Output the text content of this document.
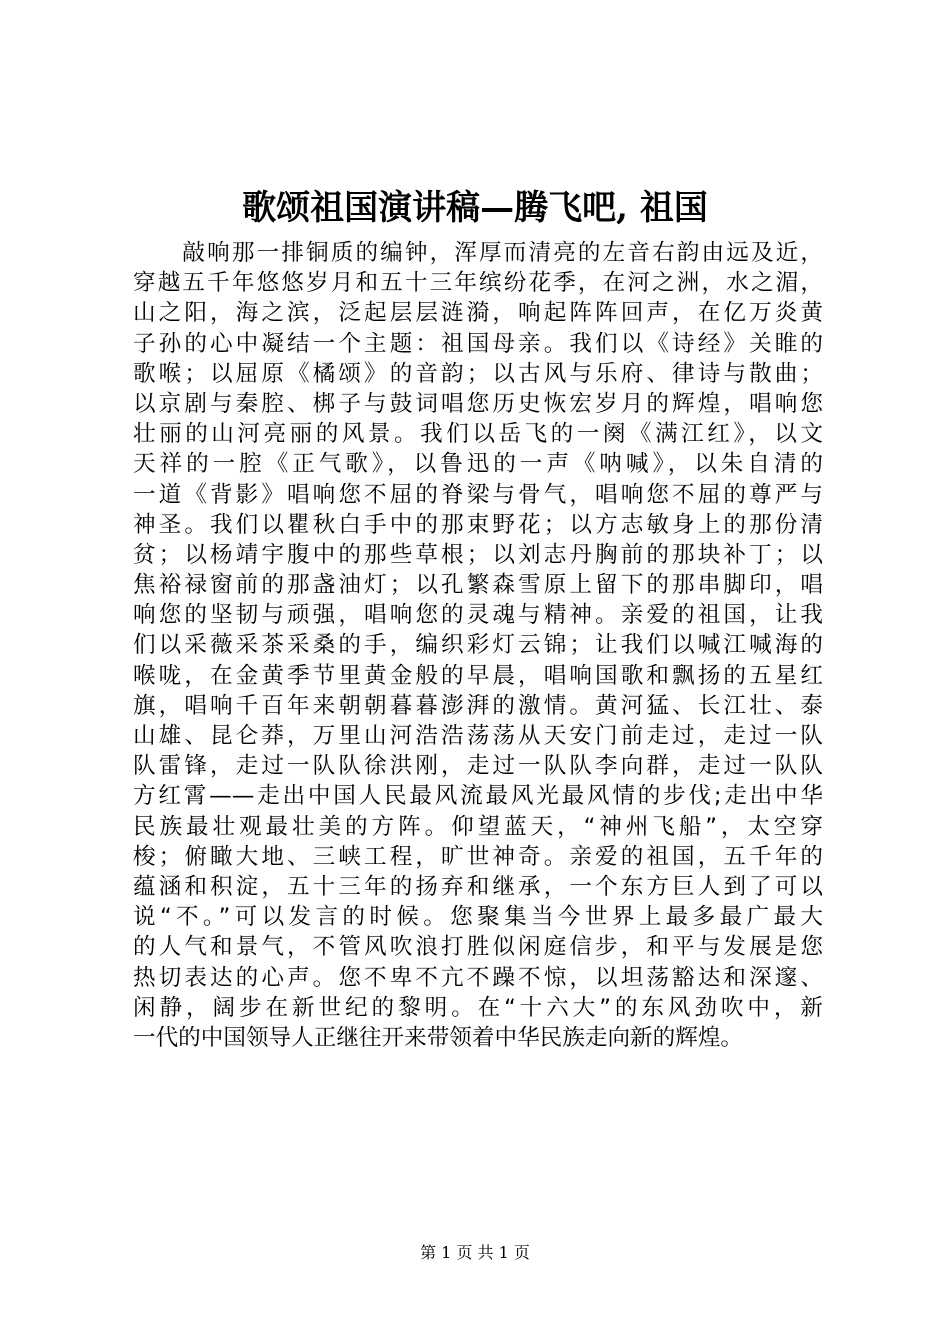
歌颂祖国演讲稿—腾飞吧, 祖国
　　敲响那一排铜质的编钟，浑厚而清亮的左音右韵由远及近，
穿越五千年悠悠岁月和五十三年缤纷花季，在河之洲，水之湄，
山之阳，海之滨，泛起层层涟漪，响起阵阵回声，在亿万炎黄
子孙的心中凝结一个主题：祖国母亲。我们以《诗经》关睢的
歌喉；以屈原《橘颂》的音韵；以古风与乐府、律诗与散曲；
以京剧与秦腔、梆子与鼓词唱您历史恢宏岁月的辉煌，唱响您
壮丽的山河亮丽的风景。我们以岳飞的一阕《满江红》，以文
天祥的一腔《正气歌》，以鲁迅的一声《呐喊》，以朱自清的
一道《背影》唱响您不屈的脊梁与骨气，唱响您不屈的尊严与
神圣。我们以瞿秋白手中的那束野花；以方志敏身上的那份清
贫；以杨靖宇腹中的那些草根；以刘志丹胸前的那块补丁；以
焦裕禄窗前的那盏油灯；以孔繁森雪原上留下的那串脚印，唱
响您的坚韧与顽强，唱响您的灵魂与精神。亲爱的祖国，让我
们以采薇采茶采桑的手，编织彩灯云锦；让我们以喊江喊海的
喉咙，在金黄季节里黄金般的早晨，唱响国歌和飘扬的五星红
旗，唱响千百年来朝朝暮暮澎湃的激情。黄河猛、长江壮、泰
山雄、昆仑莽，万里山河浩浩荡荡从天安门前走过，走过一队
队雷锋，走过一队队徐洪刚，走过一队队李向群，走过一队队
方红霄——走出中国人民最风流最风光最风情的步伐;走出中华
民族最壮观最壮美的方阵。仰望蓝天，“神州飞船”，太空穿
梭；俯瞰大地、三峡工程，旷世神奇。亲爱的祖国，五千年的
蕴涵和积淀，五十三年的扬弃和继承，一个东方巨人到了可以
说“不。”可以发言的时候。您聚集当今世界上最多最广最大
的人气和景气，不管风吹浪打胜似闲庭信步，和平与发展是您
热切表达的心声。您不卑不亢不躁不惊，以坦荡豁达和深邃、
闲静，阔步在新世纪的黎明。在“十六大”的东风劲吹中，新
一代的中国领导人正继往开来带领着中华民族走向新的辉煌。
第 1 页 共 1 页
